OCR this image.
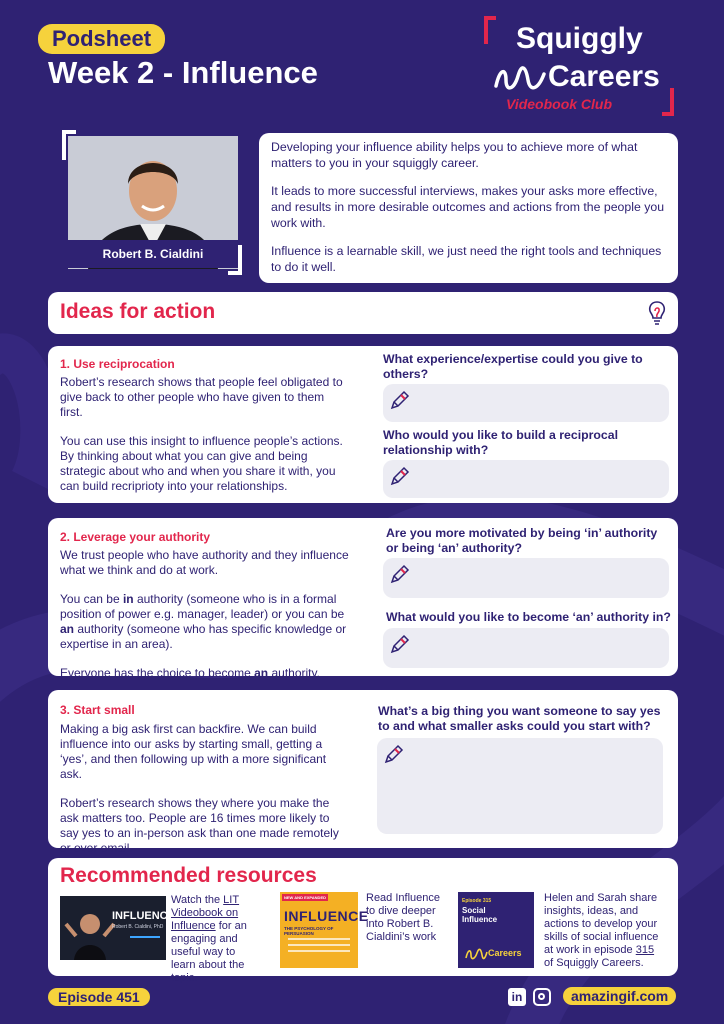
Podsheet
Week 2 - Influence
Squiggly
Careers
Videobook Club
Robert B. Cialdini

Developing your influence ability helps you to achieve more of what matters to you in your squiggly career.

It leads to more successful interviews, makes your asks more effective, and results in more desirable outcomes and actions from the people you work with.

Influence is a learnable skill, we just need the right tools and techniques to do it well.

Ideas for action
1. Use reciprocation

Robert’s research shows that people feel obligated to give back to other people who have given to them first.

You can use this insight to influence people’s actions. By thinking about what you can give and being strategic about who and when you share it with, you can build recriprioty into your relationships.

What experience/expertise could you give to others?
Who would you like to build a reciprocal relationship with?
2. Leverage your authority

We trust people who have authority and they influence what we think and do at work.

You can be in authority (someone who is in a formal position of power e.g. manager, leader) or you can be an authority (someone who has specific knowledge or expertise in an area).

Everyone has the choice to become an authority.

Are you more motivated by being ‘in’ authority or being ‘an’ authority?
What would you like to become ‘an’ authority in?
3. Start small

Making a big ask first can backfire. We can build influence into our asks by starting small, getting a ‘yes’, and then following up with a more significant ask.

Robert’s research shows they where you make the ask matters too. People are 16 times more likely to say yes to an in-person ask than one made remotely or over email.

What’s a big thing you want someone to say yes to and what smaller asks could you start with?
Recommended resources
INFLUENCE
Robert B. Cialdini, PhD
Watch the LIT Videobook on Influence for an engaging and useful way to learn about the topic.
NEW AND EXPANDED
INFLUENCE
THE PSYCHOLOGY OF PERSUASION
Read Influence to dive deeper into Robert B. Cialdini’s work
Episode 315
Social Influence
Careers
Helen and Sarah share insights, ideas, and actions to develop your skills of social influence at work in episode 315 of Squiggly Careers.
Episode 451	in	amazingif.com
